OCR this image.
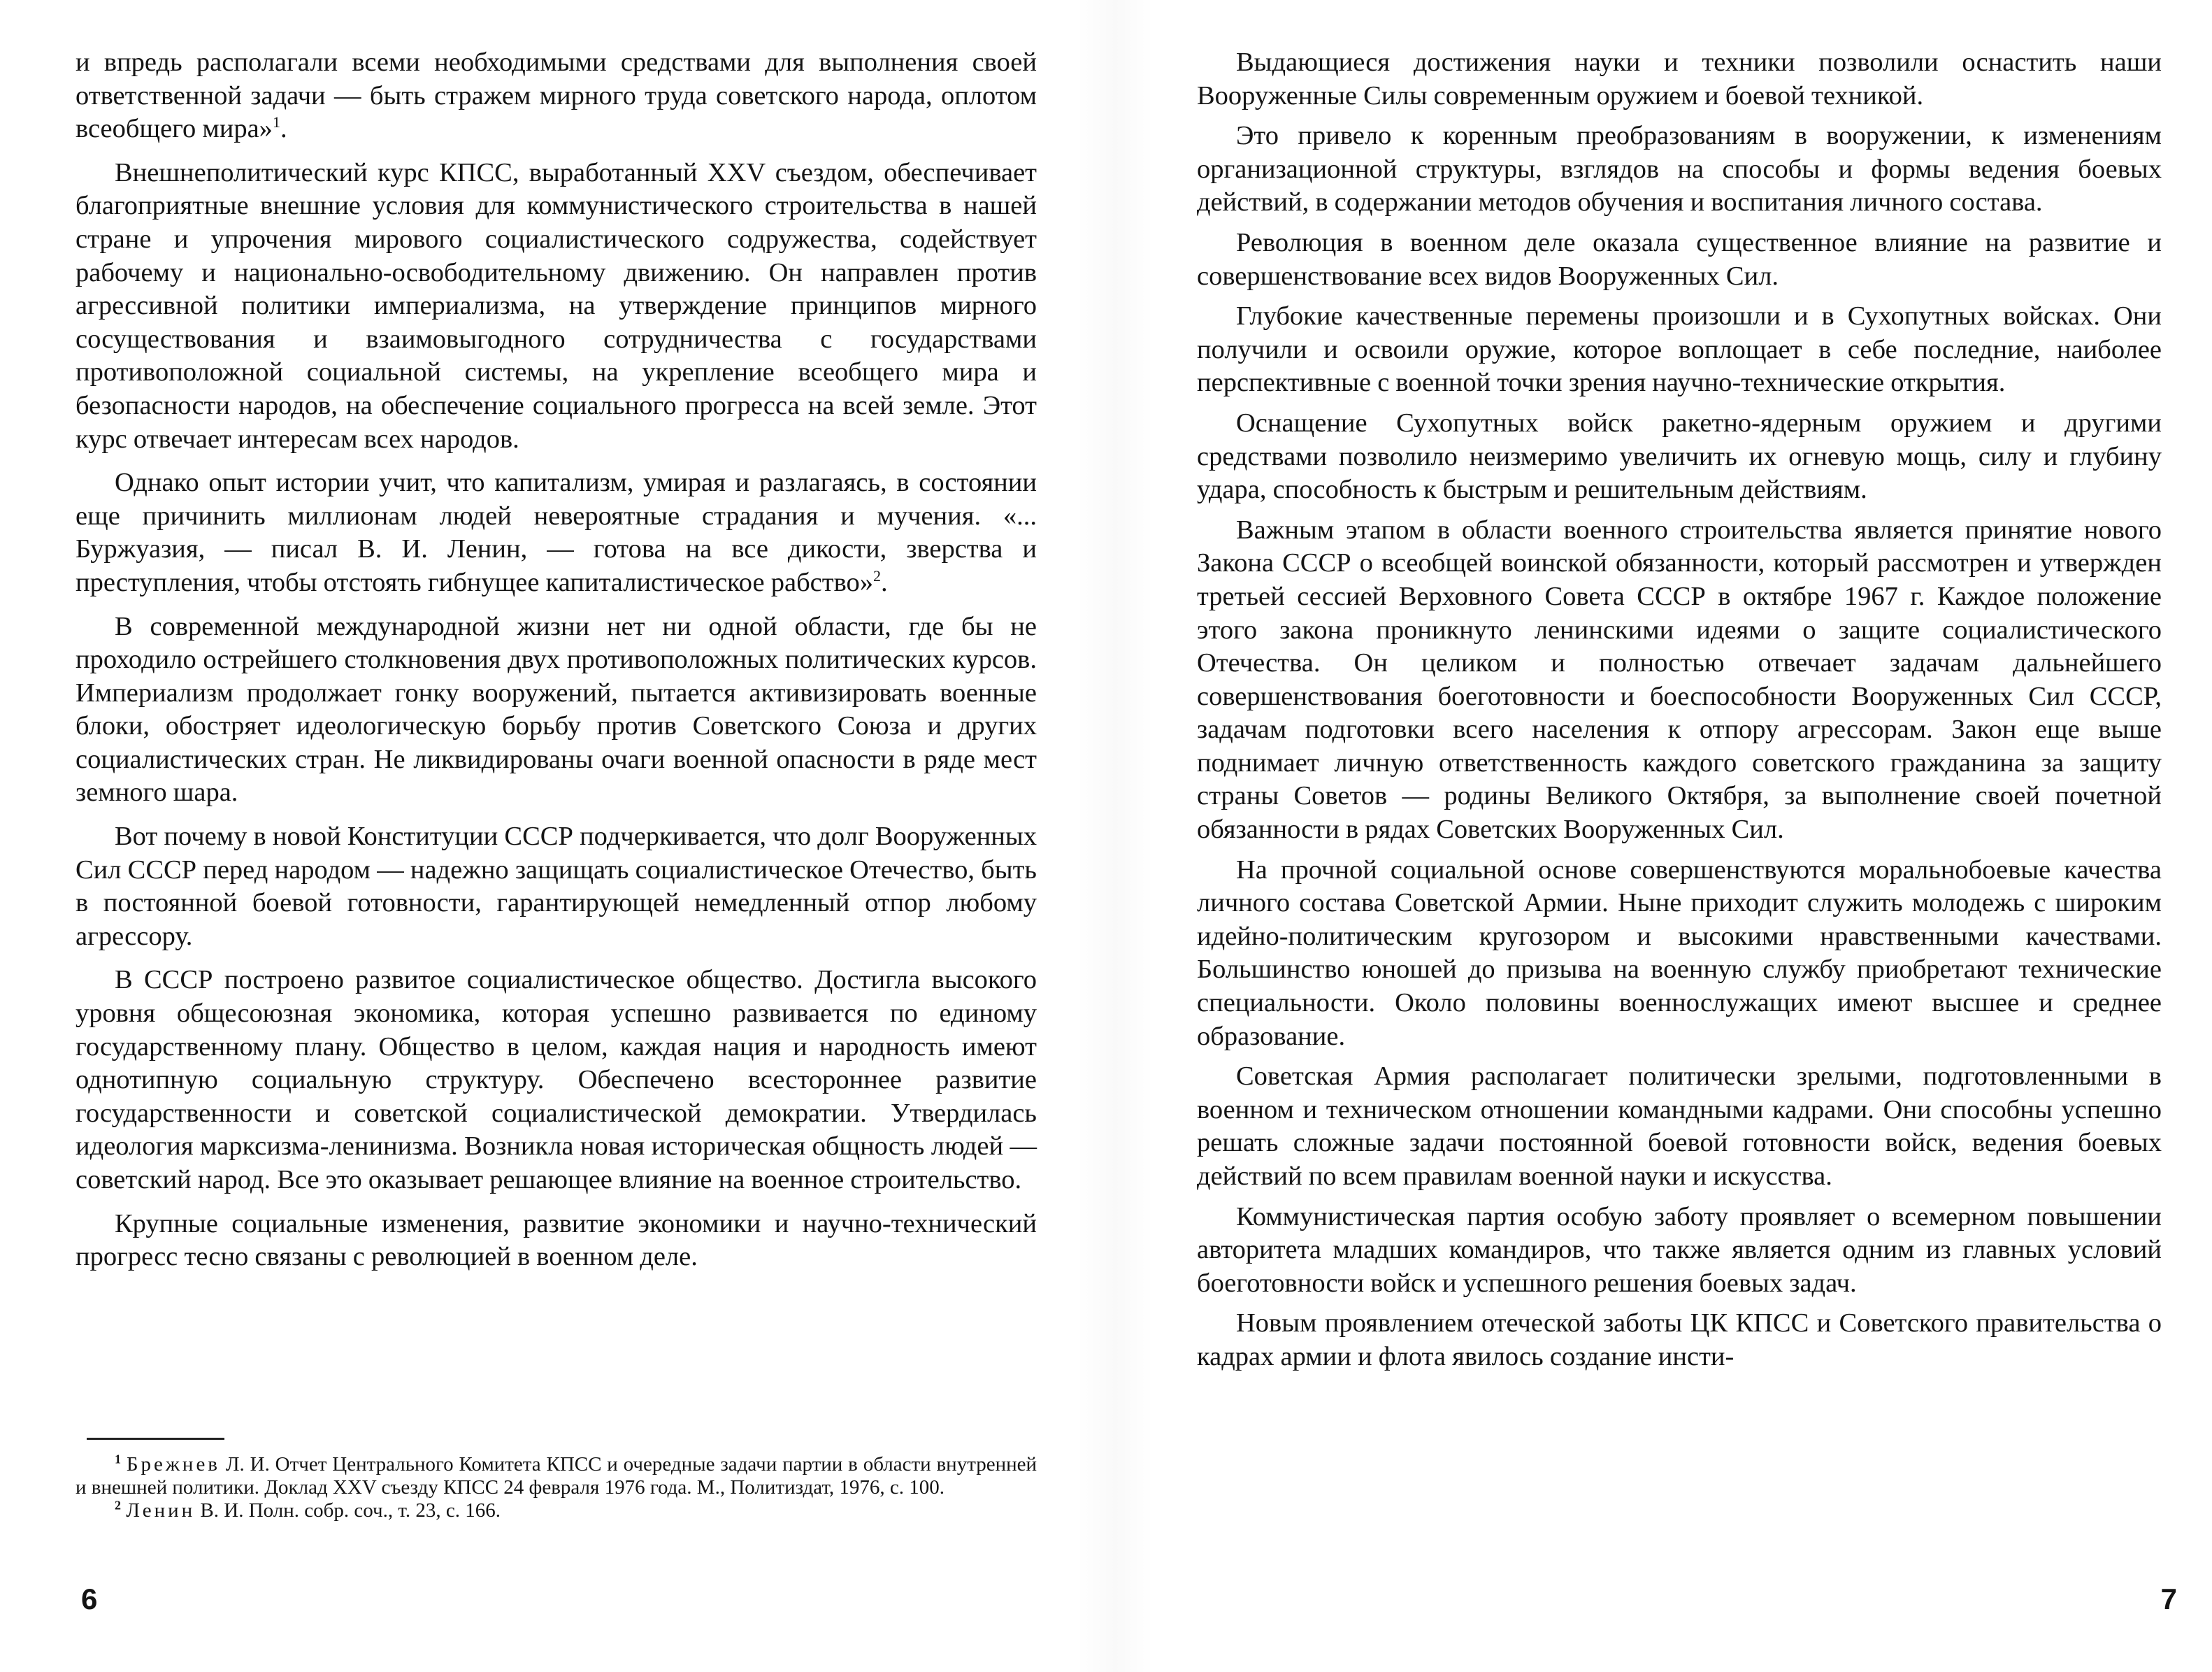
и впредь располагали всеми необходимыми средствами для выполнения своей ответственной задачи — быть стражем мирного труда советского народа, оплотом всеобщего мира»$^1$.

Внешнеполитический курс КПСС, выработанный XXV съездом, обеспечивает благоприятные внешние условия для коммунистического строительства в нашей стране и упрочения мирового социалистического содружества, содействует рабочему и национально-освободительному движению. Он направлен против агрессивной политики империализма, на утверждение принципов мирного сосуществования и взаимовыгодного сотрудничества с государствами противоположной социальной системы, на укрепление всеобщего мира и безопасности народов, на обеспечение социального прогресса на всей земле. Этот курс отвечает интересам всех народов.

Однако опыт истории учит, что капитализм, умирая и разлагаясь, в состоянии еще причинить миллионам людей невероятные страдания и мучения. «... Буржуазия, — писал В. И. Ленин, — готова на все дикости, зверства и преступления, чтобы отстоять гибнущее капиталистическое рабство»$^2$.

В современной международной жизни нет ни одной области, где бы не проходило острейшего столкновения двух противоположных политических курсов. Империализм продолжает гонку вооружений, пытается активизировать военные блоки, обостряет идеологическую борьбу против Советского Союза и других социалистических стран. Не ликвидированы очаги военной опасности в ряде мест земного шара.

Вот почему в новой Конституции СССР подчеркивается, что долг Вооруженных Сил СССР перед народом — надежно защищать социалистическое Отечество, быть в постоянной боевой готовности, гарантирующей немедленный отпор любому агрессору.

В СССР построено развитое социалистическое общество. Достигла высокого уровня общесоюзная экономика, которая успешно развивается по единому государственному плану. Общество в целом, каждая нация и народность имеют однотипную социальную структуру. Обеспечено всестороннее развитие государственности и советской социалистической демократии. Утвердилась идеология марксизма-ленинизма. Возникла новая историческая общность людей — советский народ. Все это оказывает решающее влияние на военное строительство.

Крупные социальные изменения, развитие экономики и научно-технический прогресс тесно связаны с революцией в военном деле.

$^1$ Брежнев Л. И. Отчет Центрального Комитета КПСС и очередные задачи партии в области внутренней и внешней политики. Доклад XXV съезду КПСС 24 февраля 1976 года. М., Политиздат, 1976, с. 100.

$^2$ Ленин В. И. Полн. собр. соч., т. 23, с. 166.

6

Выдающиеся достижения науки и техники позволили оснастить наши Вооруженные Силы современным оружием и боевой техникой.

Это привело к коренным преобразованиям в вооружении, к изменениям организационной структуры, взглядов на способы и формы ведения боевых действий, в содержании методов обучения и воспитания личного состава.

Революция в военном деле оказала существенное влияние на развитие и совершенствование всех видов Вооруженных Сил.

Глубокие качественные перемены произошли и в Сухопутных войсках. Они получили и освоили оружие, которое воплощает в себе последние, наиболее перспективные с военной точки зрения научно-технические открытия.

Оснащение Сухопутных войск ракетно-ядерным оружием и другими средствами позволило неизмеримо увеличить их огневую мощь, силу и глубину удара, способность к быстрым и решительным действиям.

Важным этапом в области военного строительства является принятие нового Закона СССР о всеобщей воинской обязанности, который рассмотрен и утвержден третьей сессией Верховного Совета СССР в октябре 1967 г. Каждое положение этого закона проникнуто ленинскими идеями о защите социалистического Отечества. Он целиком и полностью отвечает задачам дальнейшего совершенствования боеготовности и боеспособности Вооруженных Сил СССР, задачам подготовки всего населения к отпору агрессорам. Закон еще выше поднимает личную ответственность каждого советского гражданина за защиту страны Советов — родины Великого Октября, за выполнение своей почетной обязанности в рядах Советских Вооруженных Сил.

На прочной социальной основе совершенствуются моральнобоевые качества личного состава Советской Армии. Ныне приходит служить молодежь с широким идейно-политическим кругозором и высокими нравственными качествами. Большинство юношей до призыва на военную службу приобретают технические специальности. Около половины военнослужащих имеют высшее и среднее образование.

Советская Армия располагает политически зрелыми, подготовленными в военном и техническом отношении командными кадрами. Они способны успешно решать сложные задачи постоянной боевой готовности войск, ведения боевых действий по всем правилам военной науки и искусства.

Коммунистическая партия особую заботу проявляет о всемерном повышении авторитета младших командиров, что также является одним из главных условий боеготовности войск и успешного решения боевых задач.

Новым проявлением отеческой заботы ЦК КПСС и Советского правительства о кадрах армии и флота явилось создание инсти-

7
